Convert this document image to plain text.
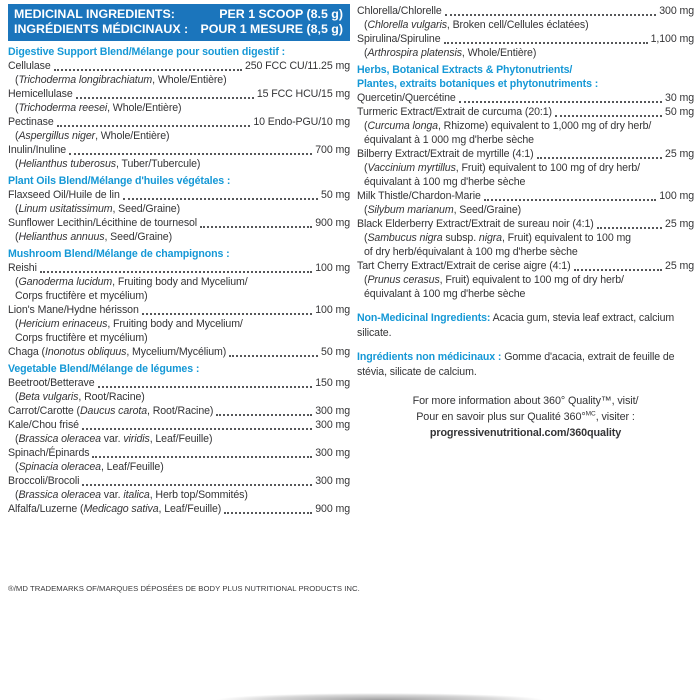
MEDICINAL INGREDIENTS:
INGRÉDIENTS MÉDICINAUX :
PER 1 SCOOP (8.5 g)
POUR 1 MESURE (8,5 g)
Digestive Support Blend/Mélange pour soutien digestif :
Cellulase	250 FCC CU/11.25 mg
(Trichoderma longibrachiatum, Whole/Entière)
Hemicellulase	15 FCC HCU/15 mg
(Trichoderma reesei, Whole/Entière)
Pectinase	10 Endo-PGU/10 mg
(Aspergillus niger, Whole/Entière)
Inulin/Inuline	700 mg
(Helianthus tuberosus, Tuber/Tubercule)
Plant Oils Blend/Mélange d'huiles végétales :
Flaxseed Oil/Huile de lin	50 mg
(Linum usitatissimum, Seed/Graine)
Sunflower Lecithin/Lécithine de tournesol	900 mg
(Helianthus annuus, Seed/Graine)
Mushroom Blend/Mélange de champignons :
Reishi	100 mg
(Ganoderma lucidum, Fruiting body and Mycelium/
Corps fructifère et mycélium)
Lion's Mane/Hydne hérisson	100 mg
(Hericium erinaceus, Fruiting body and Mycelium/
Corps fructifère et mycélium)
Chaga (Inonotus obliquus, Mycelium/Mycélium)	50 mg
Vegetable Blend/Mélange de légumes :
Beetroot/Betterave	150 mg
(Beta vulgaris, Root/Racine)
Carrot/Carotte (Daucus carota, Root/Racine)	300 mg
Kale/Chou frisé	300 mg
(Brassica oleracea var. viridis, Leaf/Feuille)
Spinach/Épinards	300 mg
(Spinacia oleracea, Leaf/Feuille)
Broccoli/Brocoli	300 mg
(Brassica oleracea var. italica, Herb top/Sommités)
Alfalfa/Luzerne (Medicago sativa, Leaf/Feuille)	900 mg
Chlorella/Chlorelle	300 mg
(Chlorella vulgaris, Broken cell/Cellules éclatées)
Spirulina/Spiruline	1,100 mg
(Arthrospira platensis, Whole/Entière)
Herbs, Botanical Extracts & Phytonutrients/
Plantes, extraits botaniques et phytonutriments :
Quercetin/Quercétine	30 mg
Turmeric Extract/Extrait de curcuma (20:1)	50 mg
(Curcuma longa, Rhizome) equivalent to 1,000 mg of dry herb/
équivalant à 1 000 mg d'herbe sèche
Bilberry Extract/Extrait de myrtille (4:1)	25 mg
(Vaccinium myrtillus, Fruit) equivalent to 100 mg of dry herb/
équivalant à 100 mg d'herbe sèche
Milk Thistle/Chardon-Marie	100 mg
(Silybum marianum, Seed/Graine)
Black Elderberry Extract/Extrait de sureau noir (4:1)	25 mg
(Sambucus nigra subsp. nigra, Fruit) equivalent to 100 mg
of dry herb/équivalant à 100 mg d'herbe sèche
Tart Cherry Extract/Extrait de cerise aigre (4:1)	25 mg
(Prunus cerasus, Fruit) equivalent to 100 mg of dry herb/
équivalant à 100 mg d'herbe sèche
Non-Medicinal Ingredients: Acacia gum, stevia leaf extract, calcium silicate.
Ingrédients non médicinaux : Gomme d'acacia, extrait de feuille de stévia, silicate de calcium.
For more information about 360° Quality™, visit/
Pour en savoir plus sur Qualité 360°$^{MC}$, visiter :
progressivenutritional.com/360quality
®/MD TRADEMARKS OF/MARQUES DÉPOSÉES DE BODY PLUS NUTRITIONAL PRODUCTS INC.
